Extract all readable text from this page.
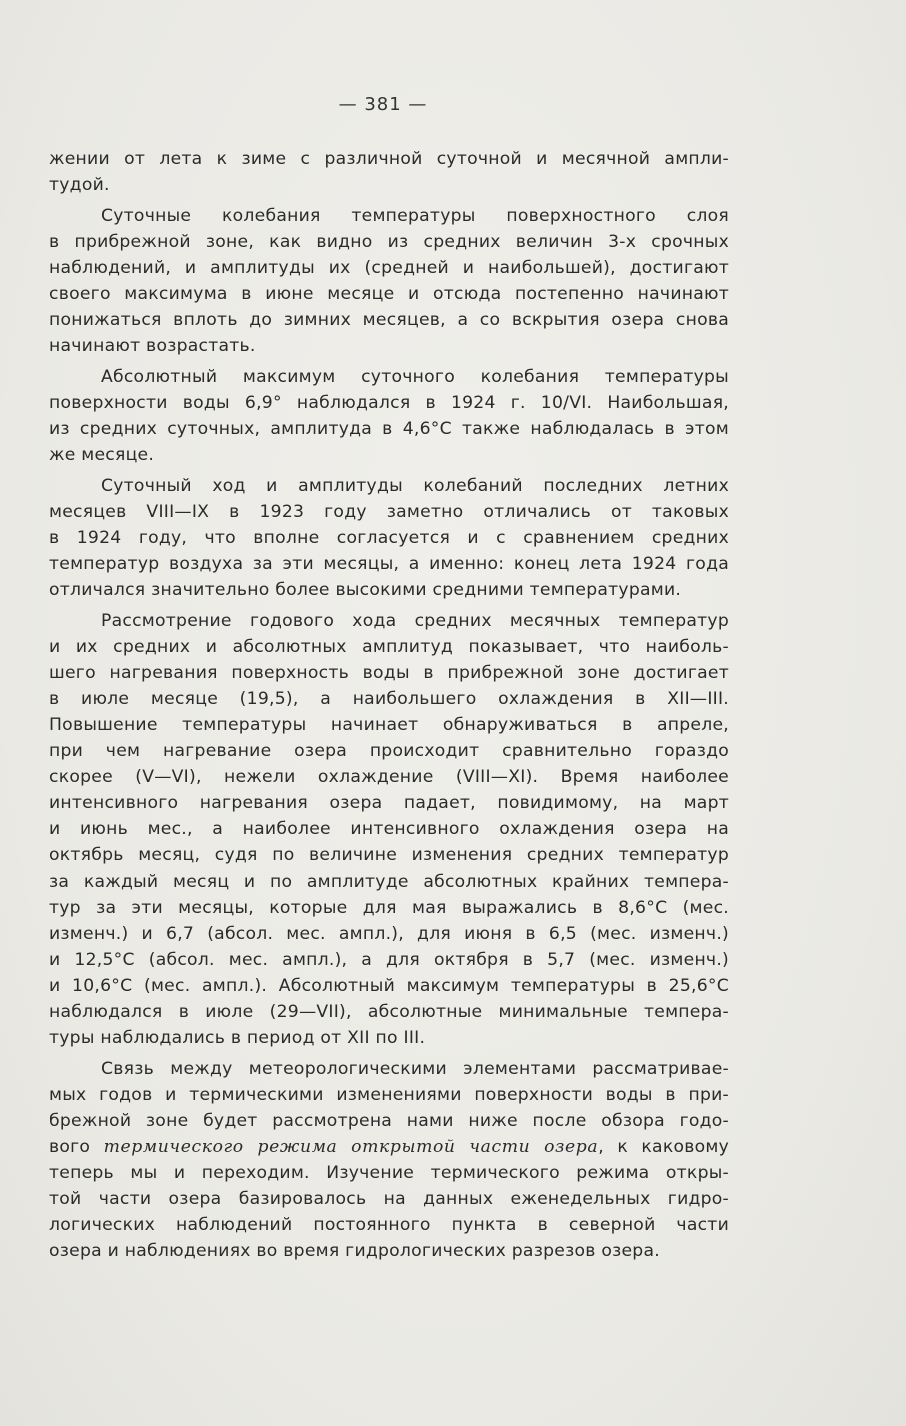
— 381 —
жении от лета к зиме с различной суточной и месячной ампли-
тудой.
Суточные колебания температуры поверхностного слоя
в прибрежной зоне, как видно из средних величин 3-х срочных
наблюдений, и амплитуды их (средней и наибольшей), достигают
своего максимума в июне месяце и отсюда постепенно начинают
понижаться вплоть до зимних месяцев, а со вскрытия озера снова
начинают возрастать.
Абсолютный максимум суточного колебания температуры
поверхности воды 6,9° наблюдался в 1924 г. 10/VI. Наибольшая,
из средних суточных, амплитуда в 4,6°С также наблюдалась в этом
же месяце.
Суточный ход и амплитуды колебаний последних летних
месяцев VIII—IX в 1923 году заметно отличались от таковых
в 1924 году, что вполне согласуется и с сравнением средних
температур воздуха за эти месяцы, а именно: конец лета 1924 года
отличался значительно более высокими средними температурами.
Рассмотрение годового хода средних месячных температур
и их средних и абсолютных амплитуд показывает, что наиболь-
шего нагревания поверхность воды в прибрежной зоне достигает
в июле месяце (19,5), а наибольшего охлаждения в XII—III.
Повышение температуры начинает обнаруживаться в апреле,
при чем нагревание озера происходит сравнительно гораздо
скорее (V—VI), нежели охлаждение (VIII—XI). Время наиболее
интенсивного нагревания озера падает, повидимому, на март
и июнь мес., а наиболее интенсивного охлаждения озера на
октябрь месяц, судя по величине изменения средних температур
за каждый месяц и по амплитуде абсолютных крайних темпера-
тур за эти месяцы, которые для мая выражались в 8,6°С (мес.
изменч.) и 6,7 (абсол. мес. ампл.), для июня в 6,5 (мес. изменч.)
и 12,5°С (абсол. мес. ампл.), а для октября в 5,7 (мес. изменч.)
и 10,6°С (мес. ампл.). Абсолютный максимум температуры в 25,6°С
наблюдался в июле (29—VII), абсолютные минимальные темпера-
туры наблюдались в период от XII по III.
Связь между метеорологическими элементами рассматривае-
мых годов и термическими изменениями поверхности воды в при-
брежной зоне будет рассмотрена нами ниже после обзора годо-
вого термического режима открытой части озера, к каковому
теперь мы и переходим. Изучение термического режима откры-
той части озера базировалось на данных еженедельных гидро-
логических наблюдений постоянного пункта в северной части
озера и наблюдениях во время гидрологических разрезов озера.
